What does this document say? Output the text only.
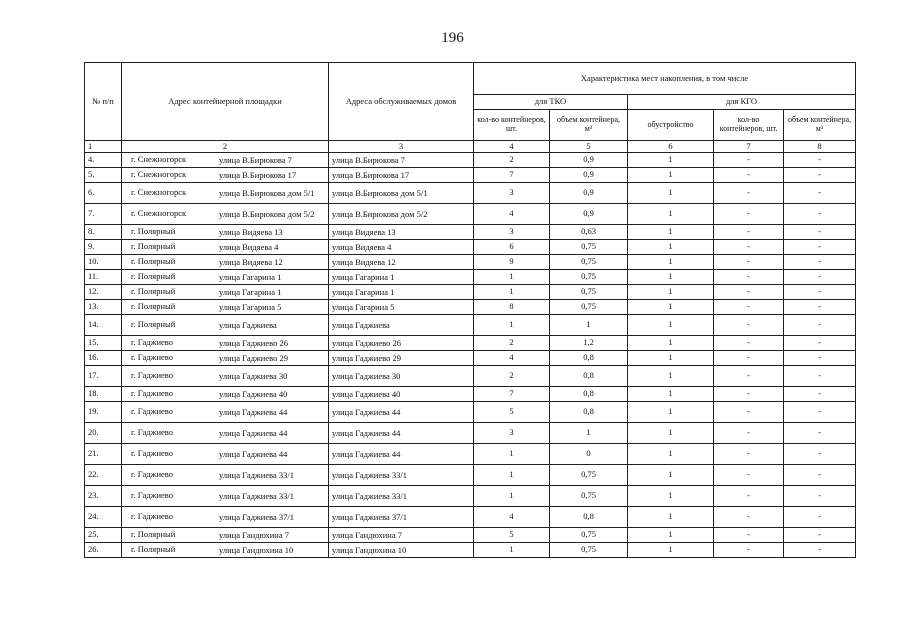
196
№ п/п	Адрес контейнерной площадки	Адреса обслуживаемых домов	Характеристика мест накопления, в том числе				
			для ТКО		для КГО		
			кол-во контейнеров, шт.	объем контейнера, м³	обустройство	кол-во контейнеров, шт.	объем контейнера, м³
1	2	3	4	5	6	7	8
4.	г. Снежногорск улица В.Бирюкова 7	улица В.Бирюкова 7	2	0,9	1	-	-
5.	г. Снежногорск улица В.Бирюкова 17	улица В.Бирюкова 17	7	0,9	1	-	-
6.	г. Снежногорск улица В.Бирюкова дом 5/1	улица В.Бирюкова дом 5/1	3	0,9	1	-	-
7.	г. Снежногорск улица В.Бирюкова дом 5/2	улица В.Бирюкова дом 5/2	4	0,9	1	-	-
8.	г. Полярный улица Видяева 13	улица Видяева 13	3	0,63	1	-	-
9.	г. Полярный улица Видяева 4	улица Видяева 4	6	0,75	1	-	-
10.	г. Полярный улица Видяева 12	улица Видяева 12	9	0,75	1	-	-
11.	г. Полярный улица Гагарина 1	улица Гагарина 1	1	0,75	1	-	-
12.	г. Полярный улица Гагарина 1	улица Гагарина 1	1	0,75	1	-	-
13.	г. Полярный улица Гагарина 5	улица Гагарина 5	8	0,75	1	-	-
14.	г. Полярный улица Гаджиева	улица Гаджиева	1	1	1	-	-
15.	г. Гаджиево улица Гаджиево 26	улица Гаджиево 26	2	1,2	1	-	-
16.	г. Гаджиево улица Гаджиево 29	улица Гаджиево 29	4	0,8	1	-	-
17.	г. Гаджиево улица Гаджиева 30	улица Гаджиева 30	2	0,8	1	-	-
18.	г. Гаджиево улица Гаджиева 40	улица Гаджиева 40	7	0,8	1	-	-
19.	г. Гаджиево улица Гаджиева 44	улица Гаджиева 44	5	0,8	1	-	-
20.	г. Гаджиево улица Гаджиева 44	улица Гаджиева 44	3	1	1	-	-
21.	г. Гаджиево улица Гаджиева 44	улица Гаджиева 44	1	0	1	-	-
22.	г. Гаджиево улица Гаджиева 33/1	улица Гаджиева 33/1	1	0,75	1	-	-
23.	г. Гаджиево улица Гаджиева 33/1	улица Гаджиева 33/1	1	0,75	1	-	-
24.	г. Гаджиево улица Гаджиева 37/1	улица Гаджиева 37/1	4	0,8	1	-	-
25.	г. Полярный улица Гандюхина 7	улица Гандюхина 7	5	0,75	1	-	-
26.	г. Полярный улица Гандюхина 10	улица Гандюхина 10	1	0,75	1	-	-
